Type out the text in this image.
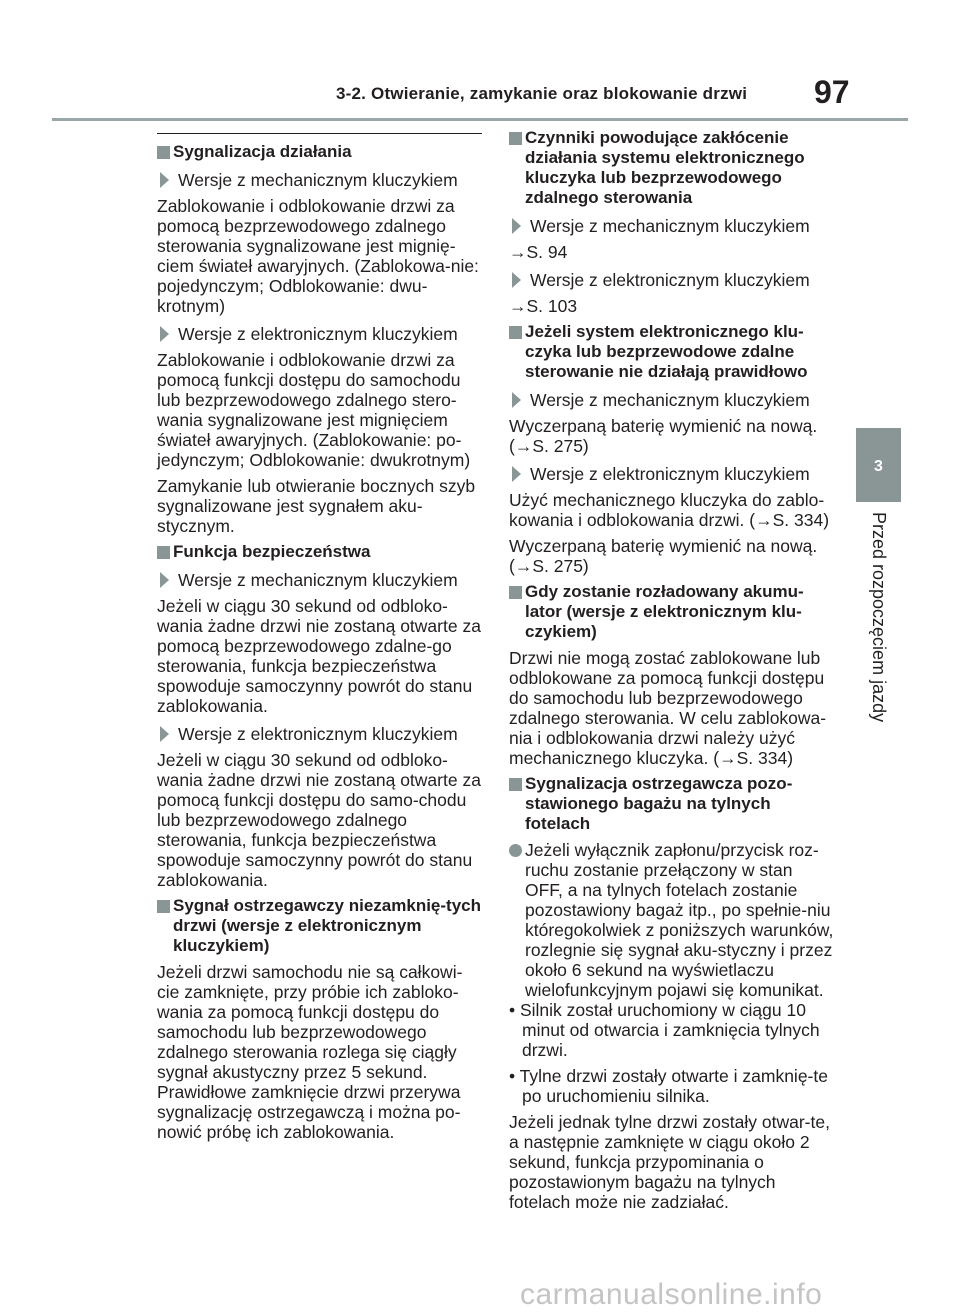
3-2. Otwieranie, zamykanie oraz blokowanie drzwi 97
3
Przed rozpoczęciem jazdy
Sygnalizacja działania
Wersje z mechanicznym kluczykiem

Zablokowanie i odblokowanie drzwi za pomocą bezprzewodowego zdalnego sterowania sygnalizowane jest mignię-ciem świateł awaryjnych. (Zablokowa-nie: pojedynczym; Odblokowanie: dwu-krotnym)

Wersje z elektronicznym kluczykiem

Zablokowanie i odblokowanie drzwi za pomocą funkcji dostępu do samochodu lub bezprzewodowego zdalnego stero-wania sygnalizowane jest mignięciem świateł awaryjnych. (Zablokowanie: po-jedynczym; Odblokowanie: dwukrotnym)

Zamykanie lub otwieranie bocznych szyb sygnalizowane jest sygnałem aku-stycznym.

Funkcja bezpieczeństwa
Wersje z mechanicznym kluczykiem

Jeżeli w ciągu 30 sekund od odbloko-wania żadne drzwi nie zostaną otwarte za pomocą bezprzewodowego zdalne-go sterowania, funkcja bezpieczeństwa spowoduje samoczynny powrót do stanu zablokowania.

Wersje z elektronicznym kluczykiem

Jeżeli w ciągu 30 sekund od odbloko-wania żadne drzwi nie zostaną otwarte za pomocą funkcji dostępu do samo-chodu lub bezprzewodowego zdalnego sterowania, funkcja bezpieczeństwa spowoduje samoczynny powrót do stanu zablokowania.

Sygnał ostrzegawczy niezamknię-tych drzwi (wersje z elektronicznym kluczykiem)

Jeżeli drzwi samochodu nie są całkowi-cie zamknięte, przy próbie ich zabloko-wania za pomocą funkcji dostępu do samochodu lub bezprzewodowego zdalnego sterowania rozlega się ciągły sygnał akustyczny przez 5 sekund. Prawidłowe zamknięcie drzwi przerywa sygnalizację ostrzegawczą i można po-nowić próbę ich zablokowania.

Czynniki powodujące zakłócenie działania systemu elektronicznego kluczyka lub bezprzewodowego zdalnego sterowania
Wersje z mechanicznym kluczykiem

→S. 94

Wersje z elektronicznym kluczykiem

→S. 103

Jeżeli system elektronicznego klu-czyka lub bezprzewodowe zdalne sterowanie nie działają prawidłowo
Wersje z mechanicznym kluczykiem

Wyczerpaną baterię wymienić na nową. (→S. 275)

Wersje z elektronicznym kluczykiem

Użyć mechanicznego kluczyka do zablo-kowania i odblokowania drzwi. (→S. 334)

Wyczerpaną baterię wymienić na nową. (→S. 275)

Gdy zostanie rozładowany akumu-lator (wersje z elektronicznym klu-czykiem)

Drzwi nie mogą zostać zablokowane lub odblokowane za pomocą funkcji dostępu do samochodu lub bezprzewodowego zdalnego sterowania. W celu zablokowa-nia i odblokowania drzwi należy użyć mechanicznego kluczyka. (→S. 334)

Sygnalizacja ostrzegawcza pozo-stawionego bagażu na tylnych fotelach
Jeżeli wyłącznik zapłonu/przycisk roz-ruchu zostanie przełączony w stan OFF, a na tylnych fotelach zostanie pozostawiony bagaż itp., po spełnie-niu któregokolwiek z poniższych warunków, rozlegnie się sygnał aku-styczny i przez około 6 sekund na wyświetlaczu wielofunkcyjnym pojawi się komunikat.

• Silnik został uruchomiony w ciągu 10 minut od otwarcia i zamknięcia tylnych drzwi.

• Tylne drzwi zostały otwarte i zamknię-te po uruchomieniu silnika.

Jeżeli jednak tylne drzwi zostały otwar-te, a następnie zamknięte w ciągu około 2 sekund, funkcja przypominania o pozostawionym bagażu na tylnych fotelach może nie zadziałać.

carmanualsonline.info
